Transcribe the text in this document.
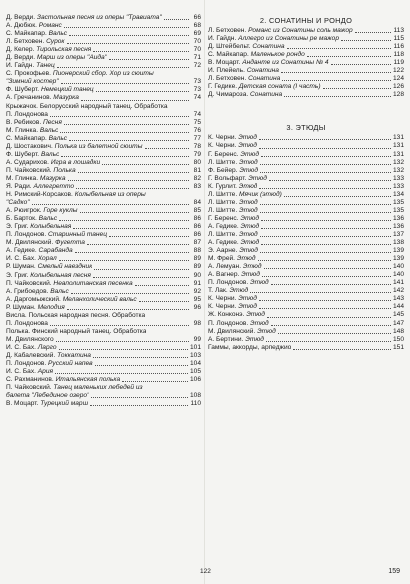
Д. Верди. Застольная песня из оперы "Травиата"	66
А. Дюбюк. Романс	68
С. Майкапар. Вальс	69
Л. Бетховен. Сурок	70
Д. Келер. Тирольская песня	70
Д. Верди. Марш из оперы "Аида"	71
Й. Гайдн. Танец	72
С. Прокофьев. Пионерский сбор. Хор из сюиты
"Зимний костер"	73
Ф. Шуберт. Немецкий танец	73
А. Гречанинов. Мазурка	74
Крыжачок. Белорусский народный танец. Обработка
П. Лондонова	74
В. Ребиков. Песня	75
М. Глинка. Вальс	76
С. Майкапар. Вальс	77
Д. Шостакович. Полька из балетной сюиты	78
Ф. Шуберт. Вальс	79
А. Сударихов. Игра в лошадки	80
П. Чайковский. Полька	81
М. Глинка. Мазурка	82
Я. Ради. Аллегретто	83
Н. Римский-Корсаков. Колыбельная из оперы
"Садко"	84
А. Рюигрок. Горе куклы	85
Б. Барток. Вальс	86
Э. Григ. Колыбельная	86
П. Лондонов. Старинный танец	86
М. Двилянский. Фугетта	87
А. Гедике. Сарабанда	88
И. С. Бах. Хорал	89
Р. Шуман. Смелый наездник	89
Э. Григ. Колыбельная песня	90
П. Чайковский. Неаполитанская песенка	91
А. Грибоедов. Вальс	92
А. Даргомыжский. Меланхолический вальс	95
Р. Шуман. Мелодия	96
Висла. Польская народная песня. Обработка
П. Лондонова	98
Полька. Финский народный танец. Обработка
М. Двилянского	99
И. С. Бах. Ларго	101
Д. Кабалевский. Токкатина	103
П. Лондонов. Русский напев	104
И. С. Бах. Ария	105
С. Рахманинов. Итальянская полька	106
П. Чайковский. Танец маленьких лебедей из
балета "Лебединое озеро"	108
В. Моцарт. Турецкий марш	110
2. СОНАТИНЫ И РОНДО
Л. Бетховен. Романс из Сонатины соль мажор	113
Й. Гайдн. Аллегро из Сонатины ре мажор	115
Д. Штейбельт. Сонатина	116
С. Майкапар. Маленькое рондо	118
В. Моцарт. Анданте из Сонатины № 4	119
И. Плейель. Сонатина	122
Л. Бетховен. Сонатина	124
Г. Гедике. Детская соната (I часть)	126
Д. Чимароза. Сонатина	128
3. ЭТЮДЫ
К. Черни. Этюд	131
К. Черни. Этюд	131
Г. Беренс. Этюд	131
Л. Шитте. Этюд	132
Ф. Бейер. Этюд	132
Г. Вольфарт. Этюд	133
К. Гурлит. Этюд	133
Л. Шитте. Мячик (этюд)	134
Л. Шитте. Этюд	135
Л. Шитте. Этюд	135
Г. Беренс. Этюд	136
А. Гедике. Этюд	136
Л. Шитте. Этюд	137
А. Гедике. Этюд	138
Э. Аарне. Этюд	139
М. Фрей. Этюд	139
А. Лемуан. Этюд	140
А. Вагнер. Этюд	140
П. Лондонов. Этюд	141
Т. Лак. Этюд	142
К. Черни. Этюд	143
К. Черни. Этюд	144
Ж. Конконэ. Этюд	145
П. Лондонов. Этюд	147
М. Двилянский. Этюд	148
А. Бертини. Этюд	150
Гаммы, аккорды, арпеджио	151
122	159
